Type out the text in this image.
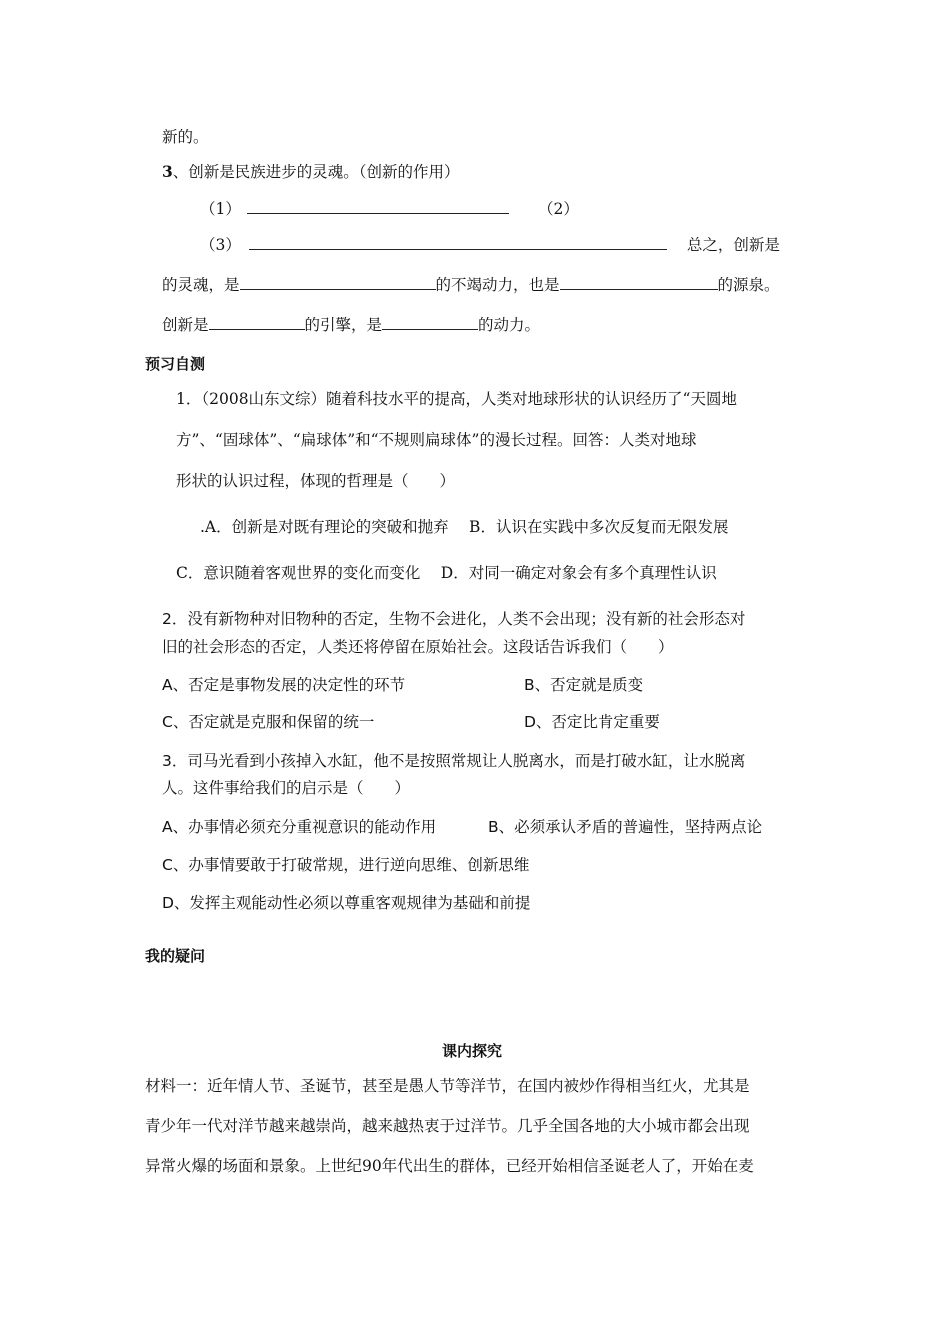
新的。
3、创新是民族进步的灵魂。（创新的作用）
（1）	（2）
（3）	总之，创新是
的灵魂，是	的不竭动力，也是	的源泉。
创新是	的引擎，是	的动力。
预习自测
1．（2008山东文综）随着科技水平的提高，人类对地球形状的认识经历了“天圆地
方”、“固球体”、“扁球体”和“不规则扁球体”的漫长过程。回答：人类对地球
形状的认识过程，体现的哲理是（　　）
.A．创新是对既有理论的突破和抛弃　 B．认识在实践中多次反复而无限发展
C．意识随着客观世界的变化而变化　 D．对同一确定对象会有多个真理性认识
2．没有新物种对旧物种的否定，生物不会进化，人类不会出现；没有新的社会形态对
旧的社会形态的否定，人类还将停留在原始社会。这段话告诉我们（　　）
A、否定是事物发展的决定性的环节	B、否定就是质变
C、否定就是克服和保留的统一	D、否定比肯定重要
3．司马光看到小孩掉入水缸，他不是按照常规让人脱离水，而是打破水缸，让水脱离
人。这件事给我们的启示是（　　）
A、办事情必须充分重视意识的能动作用	B、必须承认矛盾的普遍性，坚持两点论
C、办事情要敢于打破常规，进行逆向思维、创新思维
D、发挥主观能动性必须以尊重客观规律为基础和前提
我的疑问
课内探究
材料一：近年情人节、圣诞节，甚至是愚人节等洋节，在国内被炒作得相当红火，尤其是
青少年一代对洋节越来越崇尚，越来越热衷于过洋节。几乎全国各地的大小城市都会出现
异常火爆的场面和景象。上世纪90年代出生的群体，已经开始相信圣诞老人了，开始在麦
